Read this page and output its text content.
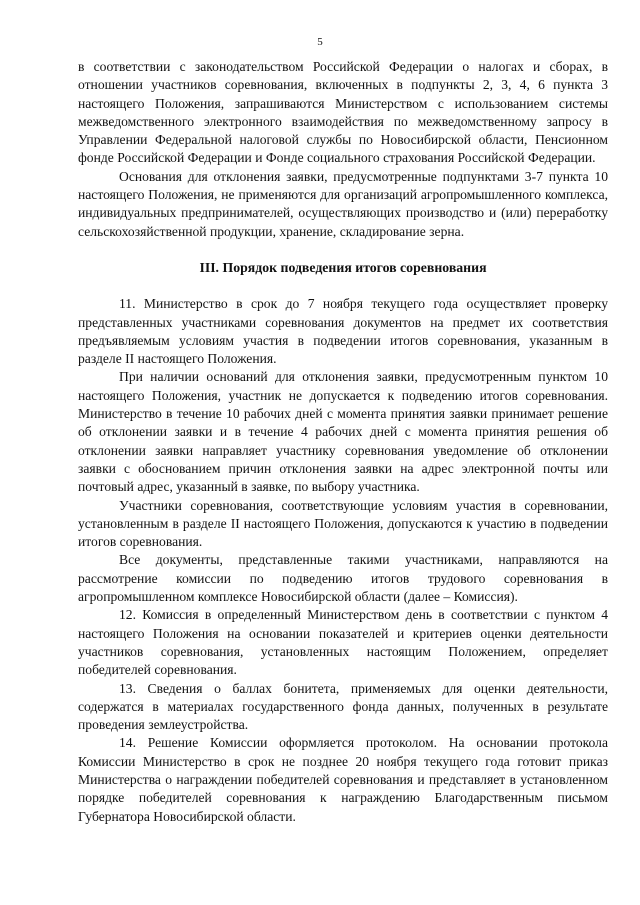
5

в соответствии с законодательством Российской Федерации о налогах и сборах, в отношении участников соревнования, включенных в подпункты 2, 3, 4, 6 пункта 3 настоящего Положения, запрашиваются Министерством с использованием системы межведомственного электронного взаимодействия по межведомственному запросу в Управлении Федеральной налоговой службы по Новосибирской области, Пенсионном фонде Российской Федерации и Фонде социального страхования Российской Федерации.

Основания для отклонения заявки, предусмотренные подпунктами 3-7 пункта 10 настоящего Положения, не применяются для организаций агропромышленного комплекса, индивидуальных предпринимателей, осуществляющих производство и (или) переработку сельскохозяйственной продукции, хранение, складирование зерна.

III. Порядок подведения итогов соревнования

11. Министерство в срок до 7 ноября текущего года осуществляет проверку представленных участниками соревнования документов на предмет их соответствия предъявляемым условиям участия в подведении итогов соревнования, указанным в разделе II настоящего Положения.

При наличии оснований для отклонения заявки, предусмотренным пунктом 10 настоящего Положения, участник не допускается к подведению итогов соревнования. Министерство в течение 10 рабочих дней с момента принятия заявки принимает решение об отклонении заявки и в течение 4 рабочих дней с момента принятия решения об отклонении заявки направляет участнику соревнования уведомление об отклонении заявки с обоснованием причин отклонения заявки на адрес электронной почты или почтовый адрес, указанный в заявке, по выбору участника.

Участники соревнования, соответствующие условиям участия в соревновании, установленным в разделе II настоящего Положения, допускаются к участию в подведении итогов соревнования.

Все документы, представленные такими участниками, направляются на рассмотрение комиссии по подведению итогов трудового соревнования в агропромышленном комплексе Новосибирской области (далее – Комиссия).

12. Комиссия в определенный Министерством день в соответствии с пунктом 4 настоящего Положения на основании показателей и критериев оценки деятельности участников соревнования, установленных настоящим Положением, определяет победителей соревнования.

13. Сведения о баллах бонитета, применяемых для оценки деятельности, содержатся в материалах государственного фонда данных, полученных в результате проведения землеустройства.

14. Решение Комиссии оформляется протоколом. На основании протокола Комиссии Министерство в срок не позднее 20 ноября текущего года готовит приказ Министерства о награждении победителей соревнования и представляет в установленном порядке победителей соревнования к награждению Благодарственным письмом Губернатора Новосибирской области.
